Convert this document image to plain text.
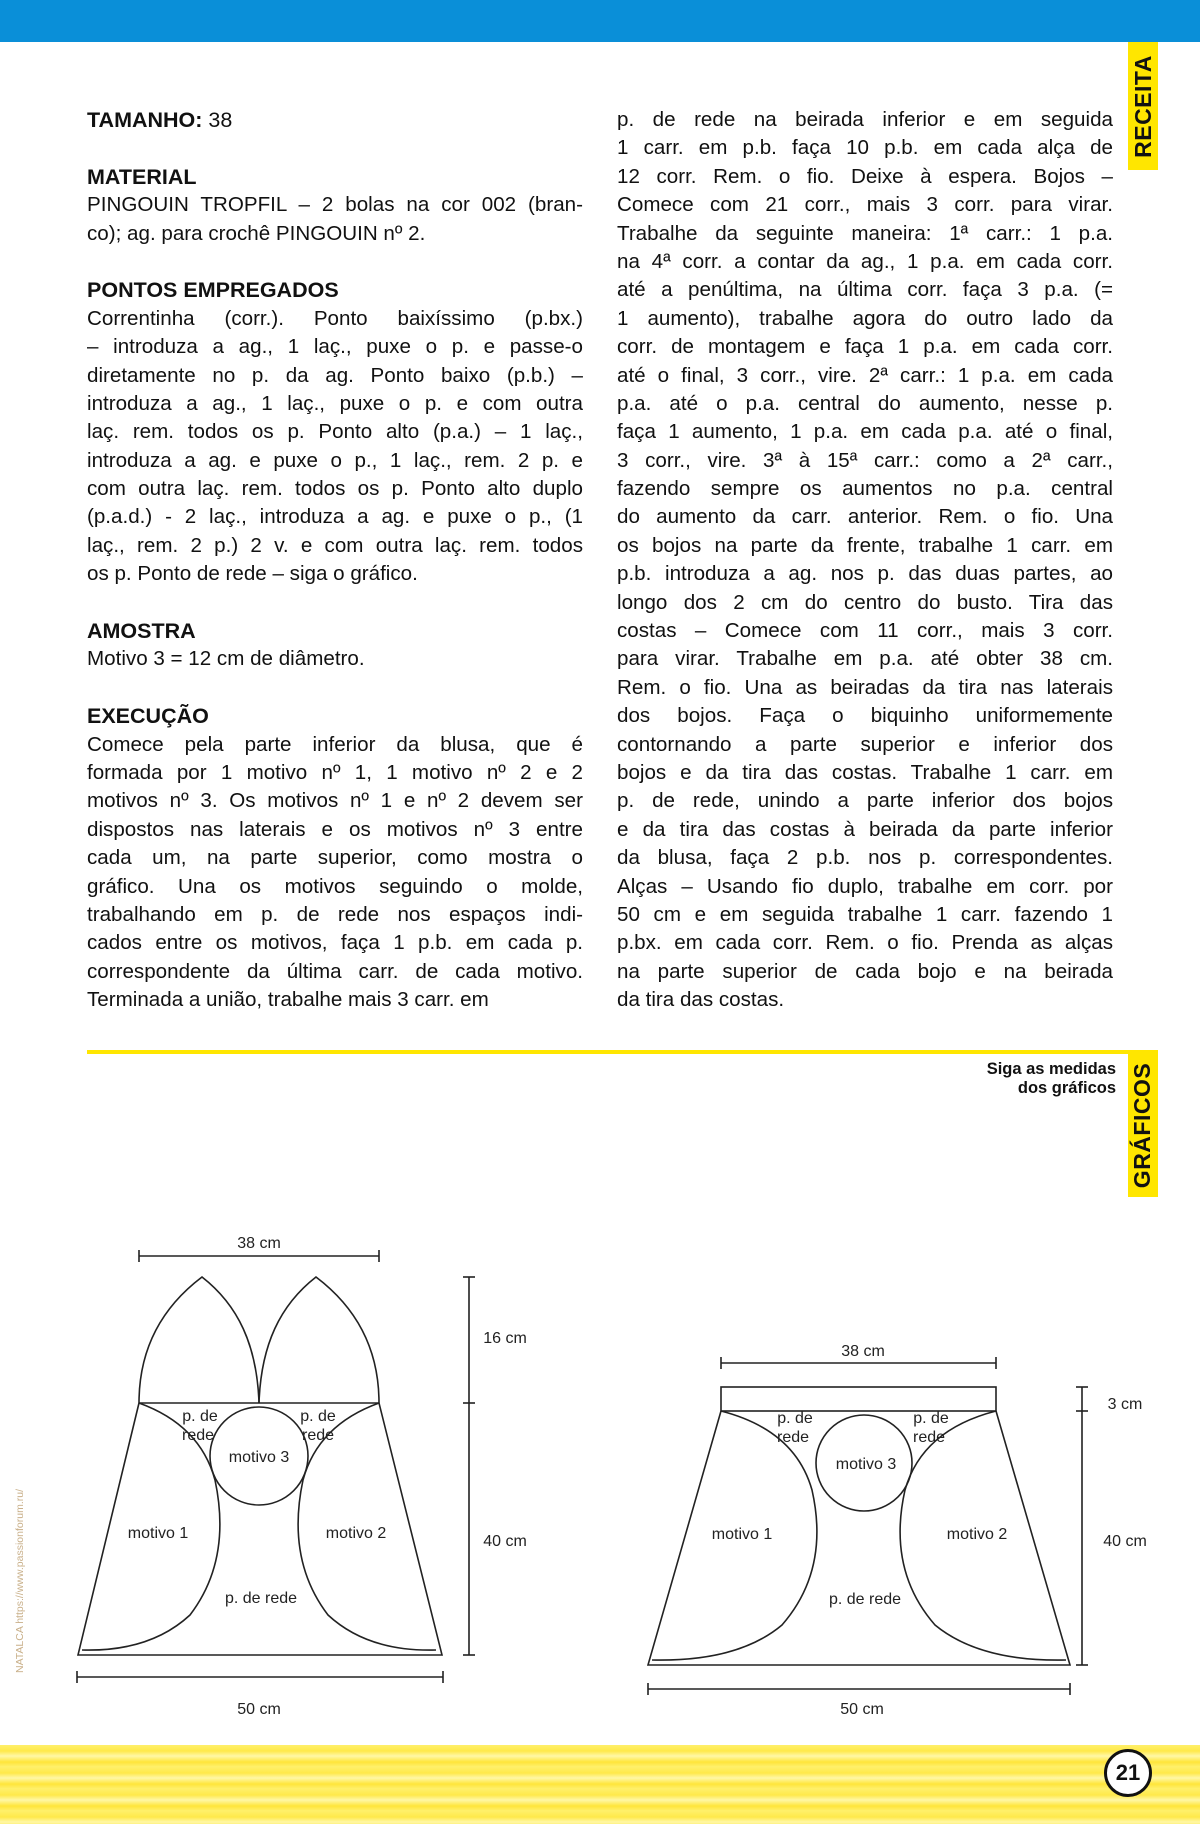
RECEITA
TAMANHO: 38
MATERIAL
PINGOUIN TROPFIL – 2 bolas na cor 002 (bran-
co); ag. para crochê PINGOUIN nº 2.
PONTOS EMPREGADOS
Correntinha (corr.). Ponto baixíssimo (p.bx.)
– introduza a ag., 1 laç., puxe o p. e passe-o
diretamente no p. da ag. Ponto baixo (p.b.) –
introduza a ag., 1 laç., puxe o p. e com outra
laç. rem. todos os p. Ponto alto (p.a.) – 1 laç.,
introduza a ag. e puxe o p., 1 laç., rem. 2 p. e
com outra laç. rem. todos os p. Ponto alto duplo
(p.a.d.) - 2 laç., introduza a ag. e puxe o p., (1
laç., rem. 2 p.) 2 v. e com outra laç. rem. todos
os p. Ponto de rede – siga o gráfico.
AMOSTRA
Motivo 3 = 12 cm de diâmetro.
EXECUÇÃO
Comece pela parte inferior da blusa, que é
formada por 1 motivo nº 1, 1 motivo nº 2 e 2
motivos nº 3. Os motivos nº 1 e nº 2 devem ser
dispostos nas laterais e os motivos nº 3 entre
cada um, na parte superior, como mostra o
gráfico. Una os motivos seguindo o molde,
trabalhando em p. de rede nos espaços indi-
cados entre os motivos, faça 1 p.b. em cada p.
correspondente da última carr. de cada motivo.
Terminada a união, trabalhe mais 3 carr. em
p. de rede na beirada inferior e em seguida
1 carr. em p.b. faça 10 p.b. em cada alça de
12 corr. Rem. o fio. Deixe à espera. Bojos –
Comece com 21 corr., mais 3 corr. para virar.
Trabalhe da seguinte maneira: 1ª carr.: 1 p.a.
na 4ª corr. a contar da ag., 1 p.a. em cada corr.
até a penúltima, na última corr. faça 3 p.a. (=
1 aumento), trabalhe agora do outro lado da
corr. de montagem e faça 1 p.a. em cada corr.
até o final, 3 corr., vire. 2ª carr.: 1 p.a. em cada
p.a. até o p.a. central do aumento, nesse p.
faça 1 aumento, 1 p.a. em cada p.a. até o final,
3 corr., vire. 3ª à 15ª carr.: como a 2ª carr.,
fazendo sempre os aumentos no p.a. central
do aumento da carr. anterior. Rem. o fio. Una
os bojos na parte da frente, trabalhe 1 carr. em
p.b. introduza a ag. nos p. das duas partes, ao
longo dos 2 cm do centro do busto. Tira das
costas – Comece com 11 corr., mais 3 corr.
para virar. Trabalhe em p.a. até obter 38 cm.
Rem. o fio. Una as beiradas da tira nas laterais
dos bojos. Faça o biquinho uniformemente
contornando a parte superior e inferior dos
bojos e da tira das costas. Trabalhe 1 carr. em
p. de rede, unindo a parte inferior dos bojos
e da tira das costas à beirada da parte inferior
da blusa, faça 2 p.b. nos p. correspondentes.
Alças – Usando fio duplo, trabalhe em corr. por
50 cm e em seguida trabalhe 1 carr. fazendo 1
p.bx. em cada corr. Rem. o fio. Prenda as alças
na parte superior de cada bojo e na beirada
da tira das costas.
GRÁFICOS
Siga as medidas
dos gráficos
38 cm
16 cm
40 cm
50 cm
p. de
rede
p. de
rede
motivo 3
motivo 1	motivo 2
p. de rede
38 cm
3 cm
40 cm
50 cm
p. de
rede
p. de
rede
motivo 3
motivo 1	motivo 2
p. de rede
NATALCA https://www.passionforum.ru/
21
